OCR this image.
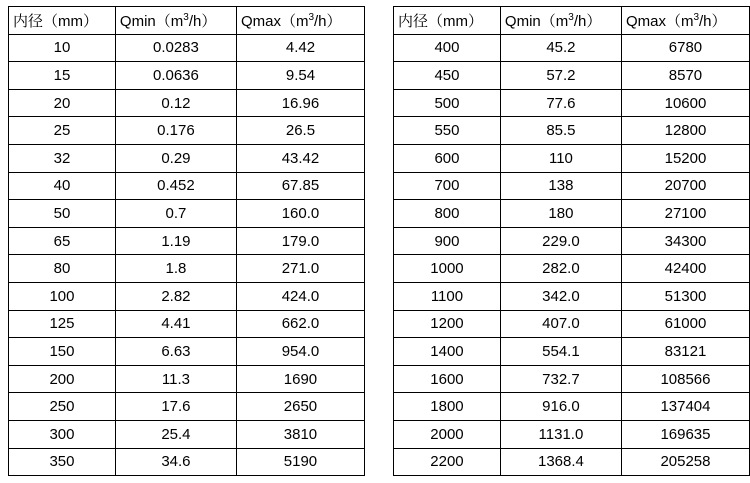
内径（mm）	$Qmin(m^3/h)$	$Qmax(m^3/h)$
10	0.0283	4.42
15	0.0636	9.54
20	0.12	16.96
25	0.176	26.5
32	0.29	43.42
40	0.452	67.85
50	0.7	160.0
65	1.19	179.0
80	1.8	271.0
100	2.82	424.0
125	4.41	662.0
150	6.63	954.0
200	11.3	1690
250	17.6	2650
300	25.4	3810
350	34.6	5190
内径（mm）	$Qmin(m^3/h)$	$Qmax(m^3/h)$
400	45.2	6780
450	57.2	8570
500	77.6	10600
550	85.5	12800
600	110	15200
700	138	20700
800	180	27100
900	229.0	34300
1000	282.0	42400
1100	342.0	51300
1200	407.0	61000
1400	554.1	83121
1600	732.7	108566
1800	916.0	137404
2000	1131.0	169635
2200	1368.4	205258
